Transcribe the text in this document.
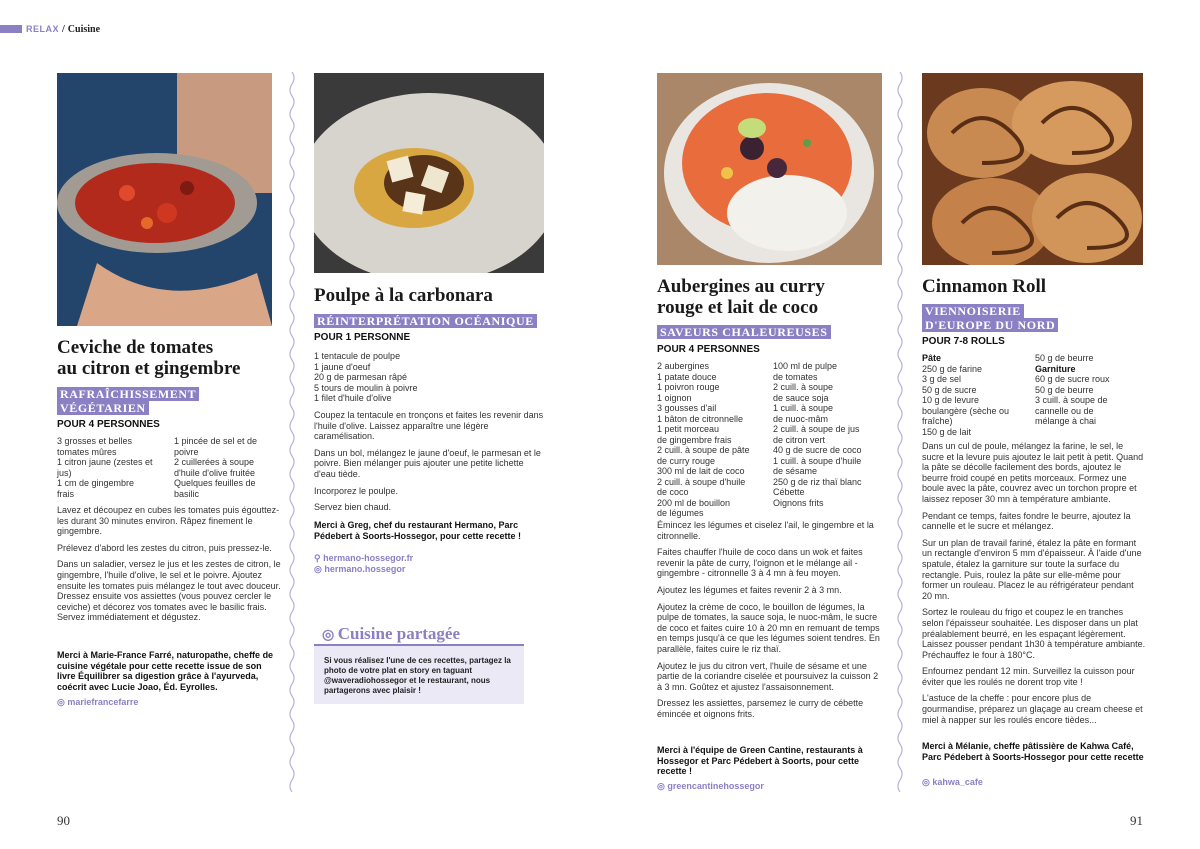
RELAX / Cuisine
Ceviche de tomates
au citron et gingembre
RAFRAÎCHISSEMENT
VÉGÉTARIEN
POUR 4 PERSONNES
3 grosses et belles
tomates mûres
1 citron jaune (zestes et
jus)
1 cm de gingembre
frais
1 pincée de sel et de
poivre
2 cuillerées à soupe
d'huile d'olive fruitée
Quelques feuilles de
basilic

Lavez et découpez en cubes les tomates puis égouttez-les durant 30 minutes environ. Râpez finement le gingembre.

Prélevez d'abord les zestes du citron, puis pressez-le.

Dans un saladier, versez le jus et les zestes de citron, le gingembre, l'huile d'olive, le sel et le poivre. Ajoutez ensuite les tomates puis mélangez le tout avec douceur. Dressez ensuite vos assiettes (vous pouvez cercler le ceviche) et décorez vos tomates avec le basilic frais. Servez immédiatement et dégustez.

Merci à Marie-France Farré, naturopathe, cheffe de cuisine végétale pour cette recette issue de son livre Équilibrer sa digestion grâce à l'ayurveda, coécrit avec Lucie Joao, Éd. Eyrolles.
◎ mariefrancefarre
Poulpe à la carbonara
RÉINTERPRÉTATION OCÉANIQUE
POUR 1 PERSONNE
1 tentacule de poulpe
1 jaune d'oeuf
20 g de parmesan râpé
5 tours de moulin à poivre
1 filet d'huile d'olive

Coupez la tentacule en tronçons et faites les revenir dans l'huile d'olive. Laissez apparaître une légère caramélisation.

Dans un bol, mélangez le jaune d'oeuf, le parmesan et le poivre. Bien mélanger puis ajouter une petite lichette d'eau tiède.

Incorporez le poulpe.

Servez bien chaud.

Merci à Greg, chef du restaurant Hermano, Parc Pédebert à Soorts-Hossegor, pour cette recette !
⚲ hermano-hossegor.fr
◎ hermano.hossegor
◎ Cuisine partagée
Si vous réalisez l'une de ces recettes, partagez la photo de votre plat en story en taguant @waveradiohossegor et le restaurant, nous partagerons avec plaisir !
90
Aubergines au curry
rouge et lait de coco
SAVEURS CHALEUREUSES
POUR 4 PERSONNES
2 aubergines
1 patate douce
1 poivron rouge
1 oignon
3 gousses d'ail
1 bâton de citronnelle
1 petit morceau
de gingembre frais
2 cuill. à soupe de pâte
de curry rouge
300 ml de lait de coco
2 cuill. à soupe d'huile
de coco
200 ml de bouillon
de légumes
100 ml de pulpe
de tomates
2 cuill. à soupe
de sauce soja
1 cuill. à soupe
de nuoc-mâm
2 cuill. à soupe de jus
de citron vert
40 g de sucre de coco
1 cuill. à soupe d'huile
de sésame
250 g de riz thaï blanc
Cébette
Oignons frits

Émincez les légumes et ciselez l'ail, le gingembre et la citronnelle.

Faites chauffer l'huile de coco dans un wok et faites revenir la pâte de curry, l'oignon et le mélange ail - gingembre - citronnelle 3 à 4 mn à feu moyen.

Ajoutez les légumes et faites revenir 2 à 3 mn.

Ajoutez la crème de coco, le bouillon de légumes, la pulpe de tomates, la sauce soja, le nuoc-mâm, le sucre de coco et faites cuire 10 à 20 mn en remuant de temps en temps jusqu'à ce que les légumes soient tendres. En parallèle, faites cuire le riz thaï.

Ajoutez le jus du citron vert, l'huile de sésame et une partie de la coriandre ciselée et poursuivez la cuisson 2 à 3 mn. Goûtez et ajustez l'assaisonnement.

Dressez les assiettes, parsemez le curry de cébette émincée et oignons frits.

Merci à l'équipe de Green Cantine, restaurants à Hossegor et Parc Pédebert à Soorts, pour cette recette !
◎ greencantinehossegor
Cinnamon Roll
VIENNOISERIE
D'EUROPE DU NORD
POUR 7-8 ROLLS
Pâte
250 g de farine
3 g de sel
50 g de sucre
10 g de levure
boulangère (sèche ou
fraîche)
150 g de lait
50 g de beurre
Garniture
60 g de sucre roux
50 g de beurre
3 cuill. à soupe de
cannelle ou de
mélange à chai

Dans un cul de poule, mélangez la farine, le sel, le sucre et la levure puis ajoutez le lait petit à petit. Quand la pâte se décolle facilement des bords, ajoutez le beurre froid coupé en petits morceaux. Formez une boule avec la pâte, couvrez avec un torchon propre et laissez reposer 30 mn à température ambiante.

Pendant ce temps, faites fondre le beurre, ajoutez la cannelle et le sucre et mélangez.

Sur un plan de travail fariné, étalez la pâte en formant un rectangle d'environ 5 mm d'épaisseur. À l'aide d'une spatule, étalez la garniture sur toute la surface du rectangle. Puis, roulez la pâte sur elle-même pour former un rouleau. Placez le au réfrigérateur pendant 20 mn.

Sortez le rouleau du frigo et coupez le en tranches selon l'épaisseur souhaitée. Les disposer dans un plat préalablement beurré, en les espaçant légèrement. Laissez pousser pendant 1h30 à température ambiante. Préchauffez le four à 180°C.

Enfournez pendant 12 min. Surveillez la cuisson pour éviter que les roulés ne dorent trop vite !

L'astuce de la cheffe : pour encore plus de gourmandise, préparez un glaçage au cream cheese et miel à napper sur les roulés encore tièdes...

Merci à Mélanie, cheffe pâtissière de Kahwa Café, Parc Pédebert à Soorts-Hossegor pour cette recette
◎ kahwa_cafe
91
